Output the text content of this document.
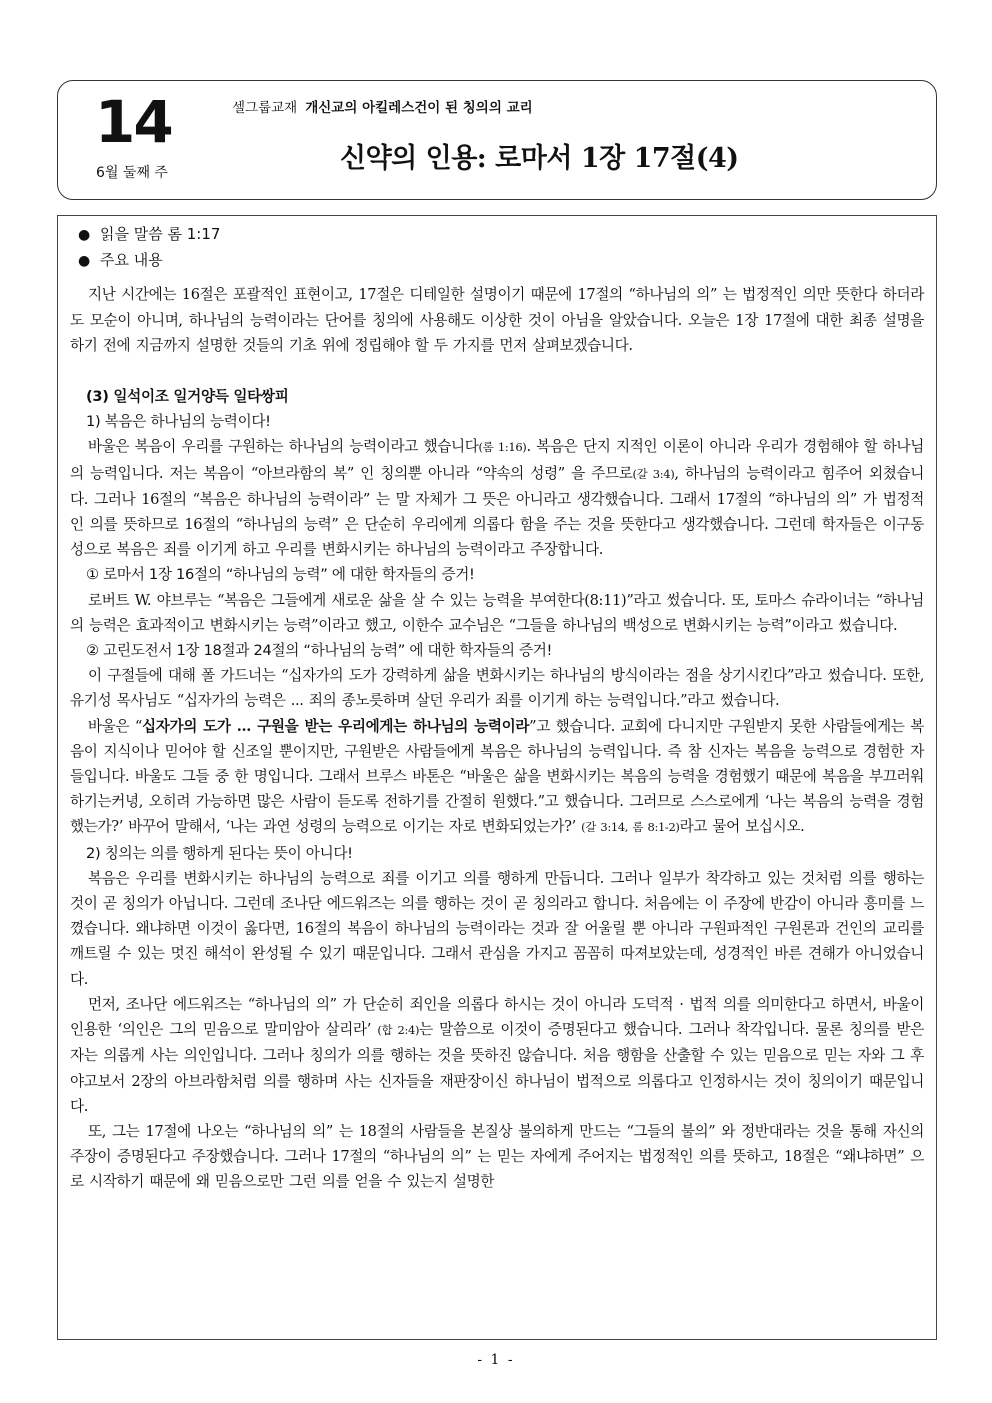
14
6월 둘째 주
셀그룹교재 개신교의 아킬레스건이 된 칭의의 교리
신약의 인용: 로마서 1장 17절(4)
● 읽을 말씀 롬 1:17
● 주요 내용

지난 시간에는 16절은 포괄적인 표현이고, 17절은 디테일한 설명이기 때문에 17절의 “하나님의 의” 는 법정적인 의만 뜻한다 하더라도 모순이 아니며, 하나님의 능력이라는 단어를 칭의에 사용해도 이상한 것이 아님을 알았습니다. 오늘은 1장 17절에 대한 최종 설명을 하기 전에 지금까지 설명한 것들의 기초 위에 정립해야 할 두 가지를 먼저 살펴보겠습니다.

(3) 일석이조 일거양득 일타쌍피
1) 복음은 하나님의 능력이다!

바울은 복음이 우리를 구원하는 하나님의 능력이라고 했습니다(롬 1:16). 복음은 단지 지적인 이론이 아니라 우리가 경험해야 할 하나님의 능력입니다. 저는 복음이 “아브라함의 복” 인 칭의뿐 아니라 “약속의 성령” 을 주므로(갈 3:4), 하나님의 능력이라고 힘주어 외쳤습니다. 그러나 16절의 “복음은 하나님의 능력이라” 는 말 자체가 그 뜻은 아니라고 생각했습니다. 그래서 17절의 “하나님의 의” 가 법정적인 의를 뜻하므로 16절의 “하나님의 능력” 은 단순히 우리에게 의롭다 함을 주는 것을 뜻한다고 생각했습니다. 그런데 학자들은 이구동성으로 복음은 죄를 이기게 하고 우리를 변화시키는 하나님의 능력이라고 주장합니다.

① 로마서 1장 16절의 “하나님의 능력” 에 대한 학자들의 증거!

로버트 W. 야브루는 “복음은 그들에게 새로운 삶을 살 수 있는 능력을 부여한다(8:11)”라고 썼습니다. 또, 토마스 슈라이너는 “하나님의 능력은 효과적이고 변화시키는 능력”이라고 했고, 이한수 교수님은 “그들을 하나님의 백성으로 변화시키는 능력”이라고 썼습니다.

② 고린도전서 1장 18절과 24절의 “하나님의 능력” 에 대한 학자들의 증거!

이 구절들에 대해 폴 가드너는 “십자가의 도가 강력하게 삶을 변화시키는 하나님의 방식이라는 점을 상기시킨다”라고 썼습니다. 또한, 유기성 목사님도 “십자가의 능력은 ... 죄의 종노릇하며 살던 우리가 죄를 이기게 하는 능력입니다.”라고 썼습니다.

바울은 “십자가의 도가 … 구원을 받는 우리에게는 하나님의 능력이라”고 했습니다. 교회에 다니지만 구원받지 못한 사람들에게는 복음이 지식이나 믿어야 할 신조일 뿐이지만, 구원받은 사람들에게 복음은 하나님의 능력입니다. 즉 참 신자는 복음을 능력으로 경험한 자들입니다. 바울도 그들 중 한 명입니다. 그래서 브루스 바톤은 “바울은 삶을 변화시키는 복음의 능력을 경험했기 때문에 복음을 부끄러워하기는커녕, 오히려 가능하면 많은 사람이 듣도록 전하기를 간절히 원했다.”고 했습니다. 그러므로 스스로에게 ‘나는 복음의 능력을 경험했는가?’ 바꾸어 말해서, ‘나는 과연 성령의 능력으로 이기는 자로 변화되었는가?’ (갈 3:14, 롬 8:1-2)라고 물어 보십시오.

2) 칭의는 의를 행하게 된다는 뜻이 아니다!

복음은 우리를 변화시키는 하나님의 능력으로 죄를 이기고 의를 행하게 만듭니다. 그러나 일부가 착각하고 있는 것처럼 의를 행하는 것이 곧 칭의가 아닙니다. 그런데 조나단 에드워즈는 의를 행하는 것이 곧 칭의라고 합니다. 처음에는 이 주장에 반감이 아니라 흥미를 느꼈습니다. 왜냐하면 이것이 옳다면, 16절의 복음이 하나님의 능력이라는 것과 잘 어울릴 뿐 아니라 구원파적인 구원론과 건인의 교리를 깨트릴 수 있는 멋진 해석이 완성될 수 있기 때문입니다. 그래서 관심을 가지고 꼼꼼히 따져보았는데, 성경적인 바른 견해가 아니었습니다.

먼저, 조나단 에드워즈는 “하나님의 의” 가 단순히 죄인을 의롭다 하시는 것이 아니라 도덕적 · 법적 의를 의미한다고 하면서, 바울이 인용한 ‘의인은 그의 믿음으로 말미암아 살리라’ (합 2:4)는 말씀으로 이것이 증명된다고 했습니다. 그러나 착각입니다. 물론 칭의를 받은 자는 의롭게 사는 의인입니다. 그러나 칭의가 의를 행하는 것을 뜻하진 않습니다. 처음 행함을 산출할 수 있는 믿음으로 믿는 자와 그 후 야고보서 2장의 아브라함처럼 의를 행하며 사는 신자들을 재판장이신 하나님이 법적으로 의롭다고 인정하시는 것이 칭의이기 때문입니다.

또, 그는 17절에 나오는 “하나님의 의” 는 18절의 사람들을 본질상 불의하게 만드는 “그들의 불의” 와 정반대라는 것을 통해 자신의 주장이 증명된다고 주장했습니다. 그러나 17절의 “하나님의 의” 는 믿는 자에게 주어지는 법정적인 의를 뜻하고, 18절은 “왜냐하면” 으로 시작하기 때문에 왜 믿음으로만 그런 의를 얻을 수 있는지 설명한

- 1 -
